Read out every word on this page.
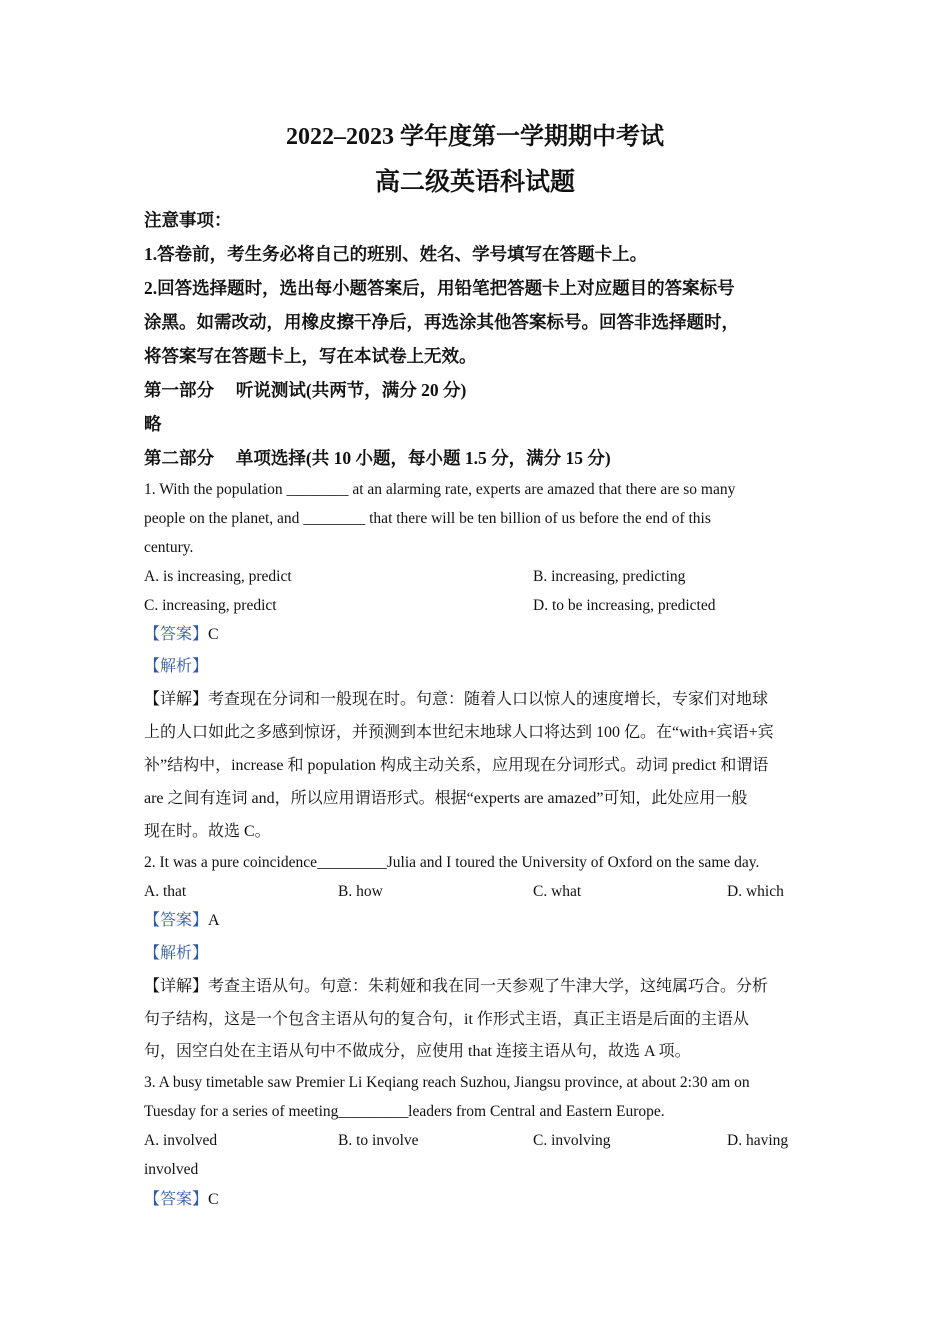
2022–2023 学年度第一学期期中考试
高二级英语科试题
注意事项：
1.答卷前，考生务必将自己的班别、姓名、学号填写在答题卡上。
2.回答选择题时，选出每小题答案后，用铅笔把答题卡上对应题目的答案标号
涂黑。如需改动，用橡皮擦干净后，再选涂其他答案标号。回答非选择题时，
将答案写在答题卡上，写在本试卷上无效。
第一部分　 听说测试(共两节，满分 20 分)
略
第二部分　 单项选择(共 10 小题，每小题 1.5 分，满分 15 分)
1. With the population ________ at an alarming rate, experts are amazed that there are so many
people on the planet, and ________ that there will be ten billion of us before the end of this
century.
A. is increasing, predict	B. increasing, predicting
C. increasing, predict	D. to be increasing, predicted
【答案】C
【解析】
【详解】考查现在分词和一般现在时。句意：随着人口以惊人的速度增长，专家们对地球
上的人口如此之多感到惊讶，并预测到本世纪末地球人口将达到 100 亿。在“with+宾语+宾
补”结构中，increase 和 population 构成主动关系，应用现在分词形式。动词 predict 和谓语
are 之间有连词 and，所以应用谓语形式。根据“experts are amazed”可知，此处应用一般
现在时。故选 C。
2. It was a pure coincidence_________Julia and I toured the University of Oxford on the same day.
A. that	B. how	C. what	D. which
【答案】A
【解析】
【详解】考查主语从句。句意：朱莉娅和我在同一天参观了牛津大学，这纯属巧合。分析
句子结构，这是一个包含主语从句的复合句，it 作形式主语，真正主语是后面的主语从
句，因空白处在主语从句中不做成分，应使用 that 连接主语从句，故选 A 项。
3. A busy timetable saw Premier Li Keqiang reach Suzhou, Jiangsu province, at about 2:30 am on
Tuesday for a series of meeting_________leaders from Central and Eastern Europe.
A. involved	B. to involve	C. involving	D. having
involved
【答案】C
